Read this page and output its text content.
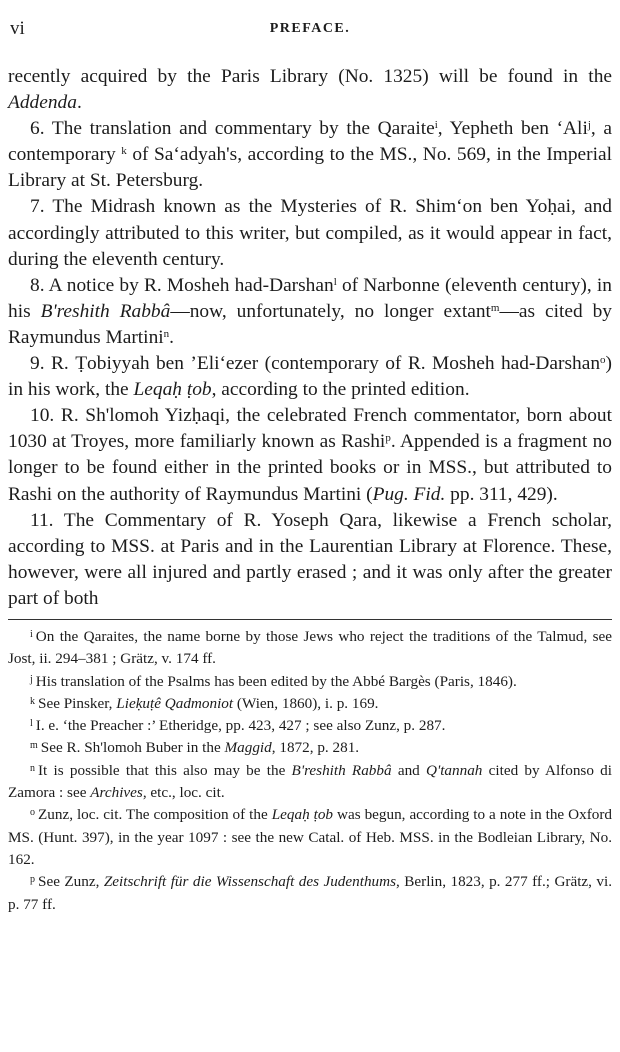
vi	PREFACE.

recently acquired by the Paris Library (No. 1325) will be found in the Addenda.

6. The translation and commentary by the Qaraite$^i$, Yepheth ben ‘Ali$^j$, a contemporary $^k$ of Sa‘adyah's, according to the MS., No. 569, in the Imperial Library at St. Petersburg.

7. The Midrash known as the Mysteries of R. Shim‘on ben Yoḥai, and accordingly attributed to this writer, but compiled, as it would appear in fact, during the eleventh century.

8. A notice by R. Mosheh had-Darshan$^l$ of Narbonne (eleventh century), in his B'reshith Rabbâ—now, unfortunately, no longer extant$^m$—as cited by Raymundus Martini$^n$.

9. R. Ṭobiyyah ben ’Eli‘ezer (contemporary of R. Mosheh had-Darshan$^o$) in his work, the Leqaḥ ṭob, according to the printed edition.

10. R. Sh'lomoh Yizḥaqi, the celebrated French commentator, born about 1030 at Troyes, more familiarly known as Rashi$^p$. Appended is a fragment no longer to be found either in the printed books or in MSS., but attributed to Rashi on the authority of Raymundus Martini (Pug. Fid. pp. 311, 429).

11. The Commentary of R. Yoseph Qara, likewise a French scholar, according to MSS. at Paris and in the Laurentian Library at Florence. These, however, were all injured and partly erased ; and it was only after the greater part of both

$^i$ On the Qaraites, the name borne by those Jews who reject the traditions of the Talmud, see Jost, ii. 294–381 ; Grätz, v. 174 ff.

$^j$ His translation of the Psalms has been edited by the Abbé Bargès (Paris, 1846).

$^k$ See Pinsker, Lieḳuṭê Qadmoniot (Wien, 1860), i. p. 169.

$^l$ I. e. ‘the Preacher :’ Etheridge, pp. 423, 427 ; see also Zunz, p. 287.

$^m$ See R. Sh'lomoh Buber in the Maggid, 1872, p. 281.

$^n$ It is possible that this also may be the B'reshith Rabbâ and Q'tannah cited by Alfonso di Zamora : see Archives, etc., loc. cit.

$^o$ Zunz, loc. cit. The composition of the Leqaḥ ṭob was begun, according to a note in the Oxford MS. (Hunt. 397), in the year 1097 : see the new Catal. of Heb. MSS. in the Bodleian Library, No. 162.

$^p$ See Zunz, Zeitschrift für die Wissenschaft des Judenthums, Berlin, 1823, p. 277 ff.; Grätz, vi. p. 77 ff.
